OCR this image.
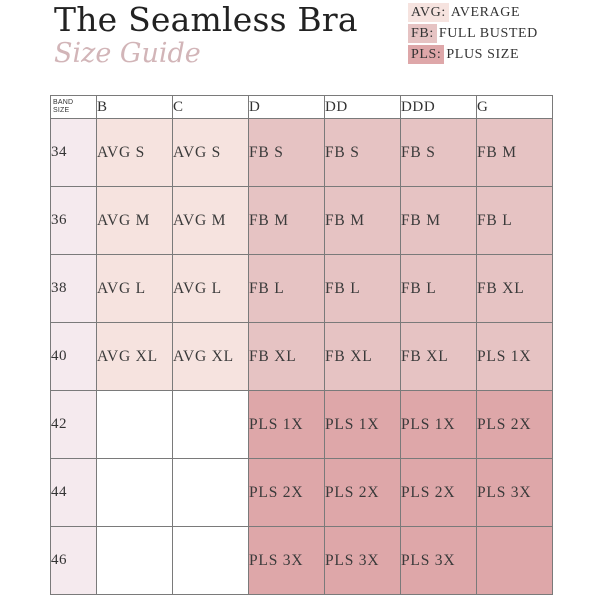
The Seamless Bra
Size Guide
AVG: AVERAGE
FB: FULL BUSTED
PLS: PLUS SIZE
BAND SIZE	B	C	D	DD	DDD	G
34	AVG S	AVG S	FB S	FB S	FB S	FB M
36	AVG M	AVG M	FB M	FB M	FB M	FB L
38	AVG L	AVG L	FB L	FB L	FB L	FB XL
40	AVG XL	AVG XL	FB XL	FB XL	FB XL	PLS 1X
42			PLS 1X	PLS 1X	PLS 1X	PLS 2X
44			PLS 2X	PLS 2X	PLS 2X	PLS 3X
46			PLS 3X	PLS 3X	PLS 3X	
